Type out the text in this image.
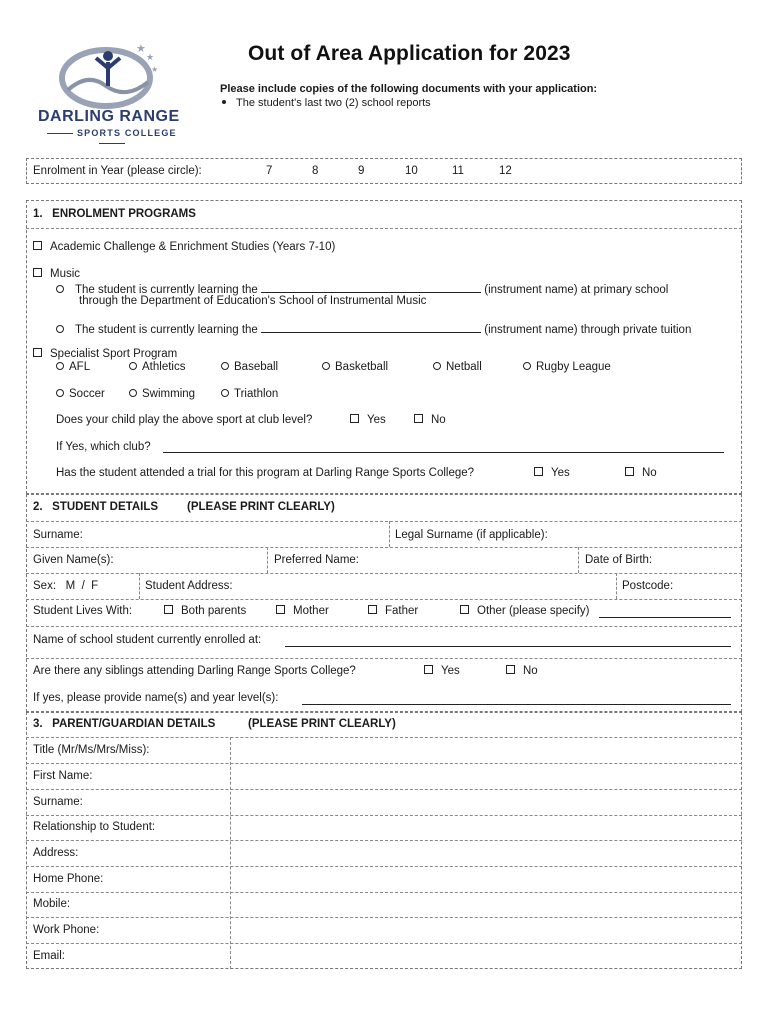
★
★
★
DARLING RANGE
SPORTS COLLEGE
Out of Area Application for 2023
Please include copies of the following documents with your application:
The student's last two (2) school reports
Enrolment in Year (please circle):	7	8	9	10	11	12
1.   ENROLMENT PROGRAMS
Academic Challenge & Enrichment Studies (Years 7-10)
Music
The student is currently learning the	(instrument name) at primary school
through the Department of Education's School of Instrumental Music
The student is currently learning the	(instrument name) through private tuition
Specialist Sport Program
AFL	Athletics	Baseball	Basketball	Netball	Rugby League
Soccer	Swimming	Triathlon
Does your child play the above sport at club level?	Yes	No
If Yes, which club?
Has the student attended a trial for this program at Darling Range Sports College?	Yes	No
2.   STUDENT DETAILS	(PLEASE PRINT CLEARLY)
Surname:	Legal Surname (if applicable):
Given Name(s):	Preferred Name:	Date of Birth:
Sex:   M  /  F	Student Address:	Postcode:
Student Lives With:	Both parents	Mother	Father	Other (please specify)
Name of school student currently enrolled at:
Are there any siblings attending Darling Range Sports College?	Yes	No
If yes, please provide name(s) and year level(s):
3.   PARENT/GUARDIAN DETAILS	(PLEASE PRINT CLEARLY)
Title (Mr/Ms/Mrs/Miss):
First Name:
Surname:
Relationship to Student:
Address:
Home Phone:
Mobile:
Work Phone:
Email:
